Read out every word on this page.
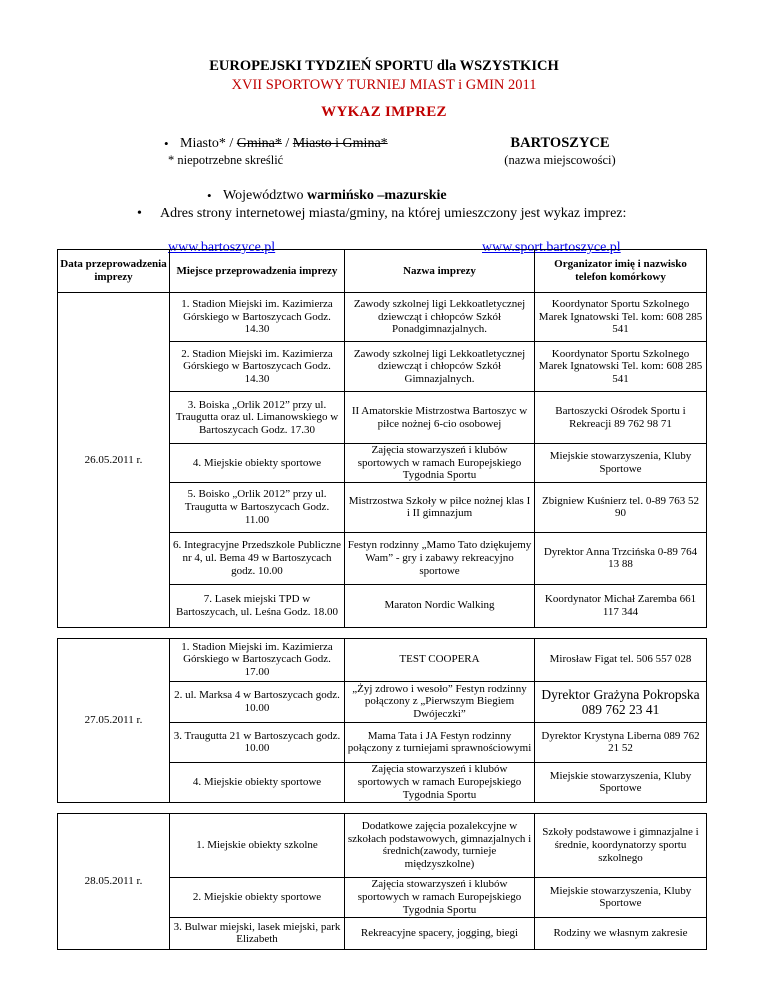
EUROPEJSKI TYDZIEŃ SPORTU dla WSZYSTKICH
XVII SPORTOWY TURNIEJ MIAST i GMIN 2011
WYKAZ IMPREZ
• Miasto* / Gmina* / Miasto i Gmina*
* niepotrzebne skreślić
BARTOSZYCE
(nazwa miejscowości)
• Województwo warmińsko –mazurskie
• Adres strony internetowej miasta/gminy, na której umieszczony jest wykaz imprez:
www.bartoszyce.pl	www.sport.bartoszyce.pl
Data przeprowadzenia imprezy	Miejsce przeprowadzenia imprezy	Nazwa imprezy	Organizator imię i nazwisko telefon komórkowy
26.05.2011 r.	1. Stadion Miejski im. Kazimierza Górskiego w Bartoszycach Godz. 14.30	Zawody szkolnej ligi Lekkoatletycznej dziewcząt i chłopców Szkół Ponadgimnazjalnych.	Koordynator Sportu Szkolnego Marek Ignatowski Tel. kom: 608 285 541
	2. Stadion Miejski im. Kazimierza Górskiego w Bartoszycach Godz. 14.30	Zawody szkolnej ligi Lekkoatletycznej dziewcząt i chłopców Szkół Gimnazjalnych.	Koordynator Sportu Szkolnego Marek Ignatowski Tel. kom: 608 285 541
	3. Boiska „Orlik 2012” przy ul. Traugutta oraz ul. Limanowskiego w Bartoszycach Godz. 17.30	II Amatorskie Mistrzostwa Bartoszyc w piłce nożnej 6-cio osobowej	Bartoszycki Ośrodek Sportu i Rekreacji 89 762 98 71
	4. Miejskie obiekty sportowe	Zajęcia stowarzyszeń i klubów sportowych w ramach Europejskiego Tygodnia Sportu	Miejskie stowarzyszenia, Kluby Sportowe
	5. Boisko „Orlik 2012” przy ul. Traugutta w Bartoszycach Godz. 11.00	Mistrzostwa Szkoły w piłce nożnej klas I i II gimnazjum	Zbigniew Kuśnierz tel. 0-89 763 52 90
	6. Integracyjne Przedszkole Publiczne nr 4, ul. Bema 49 w Bartoszycach godz. 10.00	Festyn rodzinny „Mamo Tato dziękujemy Wam” - gry i zabawy rekreacyjno sportowe	Dyrektor Anna Trzcińska 0-89 764 13 88
	7. Lasek miejski TPD w Bartoszycach, ul. Leśna Godz. 18.00	Maraton Nordic Walking	Koordynator Michał Zaremba 661 117 344

27.05.2011 r.	1. Stadion Miejski im. Kazimierza Górskiego w Bartoszycach Godz. 17.00	TEST COOPERA	Mirosław Figat tel. 506 557 028
	2. ul. Marksa 4 w Bartoszycach godz. 10.00	„Żyj zdrowo i wesoło” Festyn rodzinny połączony z „Pierwszym Biegiem Dwójeczki”	Dyrektor Grażyna Pokropska 089 762 23 41
	3. Traugutta 21 w Bartoszycach godz. 10.00	Mama Tata i JA Festyn rodzinny połączony z turniejami sprawnościowymi	Dyrektor Krystyna Liberna 089 762 21 52
	4. Miejskie obiekty sportowe	Zajęcia stowarzyszeń i klubów sportowych w ramach Europejskiego Tygodnia Sportu	Miejskie stowarzyszenia, Kluby Sportowe

28.05.2011 r.	1. Miejskie obiekty szkolne	Dodatkowe zajęcia pozalekcyjne w szkołach podstawowych, gimnazjalnych i średnich(zawody, turnieje międzyszkolne)	Szkoły podstawowe i gimnazjalne i średnie, koordynatorzy sportu szkolnego
	2. Miejskie obiekty sportowe	Zajęcia stowarzyszeń i klubów sportowych w ramach Europejskiego Tygodnia Sportu	Miejskie stowarzyszenia, Kluby Sportowe
	3. Bulwar miejski, lasek miejski, park Elizabeth	Rekreacyjne spacery, jogging, biegi	Rodziny we własnym zakresie
